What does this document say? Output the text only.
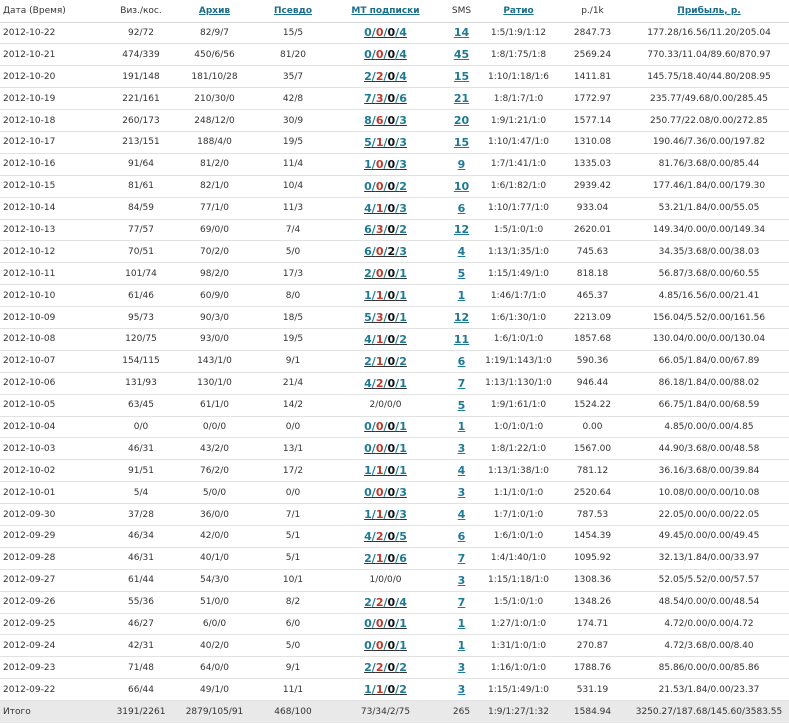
Дата (Время)	Виз./кос.	Архив	Псевдо	МТ подписки	SMS	Ратио	р./1k	Прибыль, р.
2012-10-22	92/72	82/9/7	15/5	0/0/0/4	14	1:5/1:9/1:12	2847.73	177.28/16.56/11.20/205.04
2012-10-21	474/339	450/6/56	81/20	0/0/0/4	45	1:8/1:75/1:8	2569.24	770.33/11.04/89.60/870.97
2012-10-20	191/148	181/10/28	35/7	2/2/0/4	15	1:10/1:18/1:6	1411.81	145.75/18.40/44.80/208.95
2012-10-19	221/161	210/30/0	42/8	7/3/0/6	21	1:8/1:7/1:0	1772.97	235.77/49.68/0.00/285.45
2012-10-18	260/173	248/12/0	30/9	8/6/0/3	20	1:9/1:21/1:0	1577.14	250.77/22.08/0.00/272.85
2012-10-17	213/151	188/4/0	19/5	5/1/0/3	15	1:10/1:47/1:0	1310.08	190.46/7.36/0.00/197.82
2012-10-16	91/64	81/2/0	11/4	1/0/0/3	9	1:7/1:41/1:0	1335.03	81.76/3.68/0.00/85.44
2012-10-15	81/61	82/1/0	10/4	0/0/0/2	10	1:6/1:82/1:0	2939.42	177.46/1.84/0.00/179.30
2012-10-14	84/59	77/1/0	11/3	4/1/0/3	6	1:10/1:77/1:0	933.04	53.21/1.84/0.00/55.05
2012-10-13	77/57	69/0/0	7/4	6/3/0/2	12	1:5/1:0/1:0	2620.01	149.34/0.00/0.00/149.34
2012-10-12	70/51	70/2/0	5/0	6/0/2/3	4	1:13/1:35/1:0	745.63	34.35/3.68/0.00/38.03
2012-10-11	101/74	98/2/0	17/3	2/0/0/1	5	1:15/1:49/1:0	818.18	56.87/3.68/0.00/60.55
2012-10-10	61/46	60/9/0	8/0	1/1/0/1	1	1:46/1:7/1:0	465.37	4.85/16.56/0.00/21.41
2012-10-09	95/73	90/3/0	18/5	5/3/0/1	12	1:6/1:30/1:0	2213.09	156.04/5.52/0.00/161.56
2012-10-08	120/75	93/0/0	19/5	4/1/0/2	11	1:6/1:0/1:0	1857.68	130.04/0.00/0.00/130.04
2012-10-07	154/115	143/1/0	9/1	2/1/0/2	6	1:19/1:143/1:0	590.36	66.05/1.84/0.00/67.89
2012-10-06	131/93	130/1/0	21/4	4/2/0/1	7	1:13/1:130/1:0	946.44	86.18/1.84/0.00/88.02
2012-10-05	63/45	61/1/0	14/2	2/0/0/0	5	1:9/1:61/1:0	1524.22	66.75/1.84/0.00/68.59
2012-10-04	0/0	0/0/0	0/0	0/0/0/1	1	1:0/1:0/1:0	0.00	4.85/0.00/0.00/4.85
2012-10-03	46/31	43/2/0	13/1	0/0/0/1	3	1:8/1:22/1:0	1567.00	44.90/3.68/0.00/48.58
2012-10-02	91/51	76/2/0	17/2	1/1/0/1	4	1:13/1:38/1:0	781.12	36.16/3.68/0.00/39.84
2012-10-01	5/4	5/0/0	0/0	0/0/0/3	3	1:1/1:0/1:0	2520.64	10.08/0.00/0.00/10.08
2012-09-30	37/28	36/0/0	7/1	1/1/0/3	4	1:7/1:0/1:0	787.53	22.05/0.00/0.00/22.05
2012-09-29	46/34	42/0/0	5/1	4/2/0/5	6	1:6/1:0/1:0	1454.39	49.45/0.00/0.00/49.45
2012-09-28	46/31	40/1/0	5/1	2/1/0/6	7	1:4/1:40/1:0	1095.92	32.13/1.84/0.00/33.97
2012-09-27	61/44	54/3/0	10/1	1/0/0/0	3	1:15/1:18/1:0	1308.36	52.05/5.52/0.00/57.57
2012-09-26	55/36	51/0/0	8/2	2/2/0/4	7	1:5/1:0/1:0	1348.26	48.54/0.00/0.00/48.54
2012-09-25	46/27	6/0/0	6/0	0/0/0/1	1	1:27/1:0/1:0	174.71	4.72/0.00/0.00/4.72
2012-09-24	42/31	40/2/0	5/0	0/0/0/1	1	1:31/1:0/1:0	270.87	4.72/3.68/0.00/8.40
2012-09-23	71/48	64/0/0	9/1	2/2/0/2	3	1:16/1:0/1:0	1788.76	85.86/0.00/0.00/85.86
2012-09-22	66/44	49/1/0	11/1	1/1/0/2	3	1:15/1:49/1:0	531.19	21.53/1.84/0.00/23.37
Итого	3191/2261	2879/105/91	468/100	73/34/2/75	265	1:9/1:27/1:32	1584.94	3250.27/187.68/145.60/3583.55
